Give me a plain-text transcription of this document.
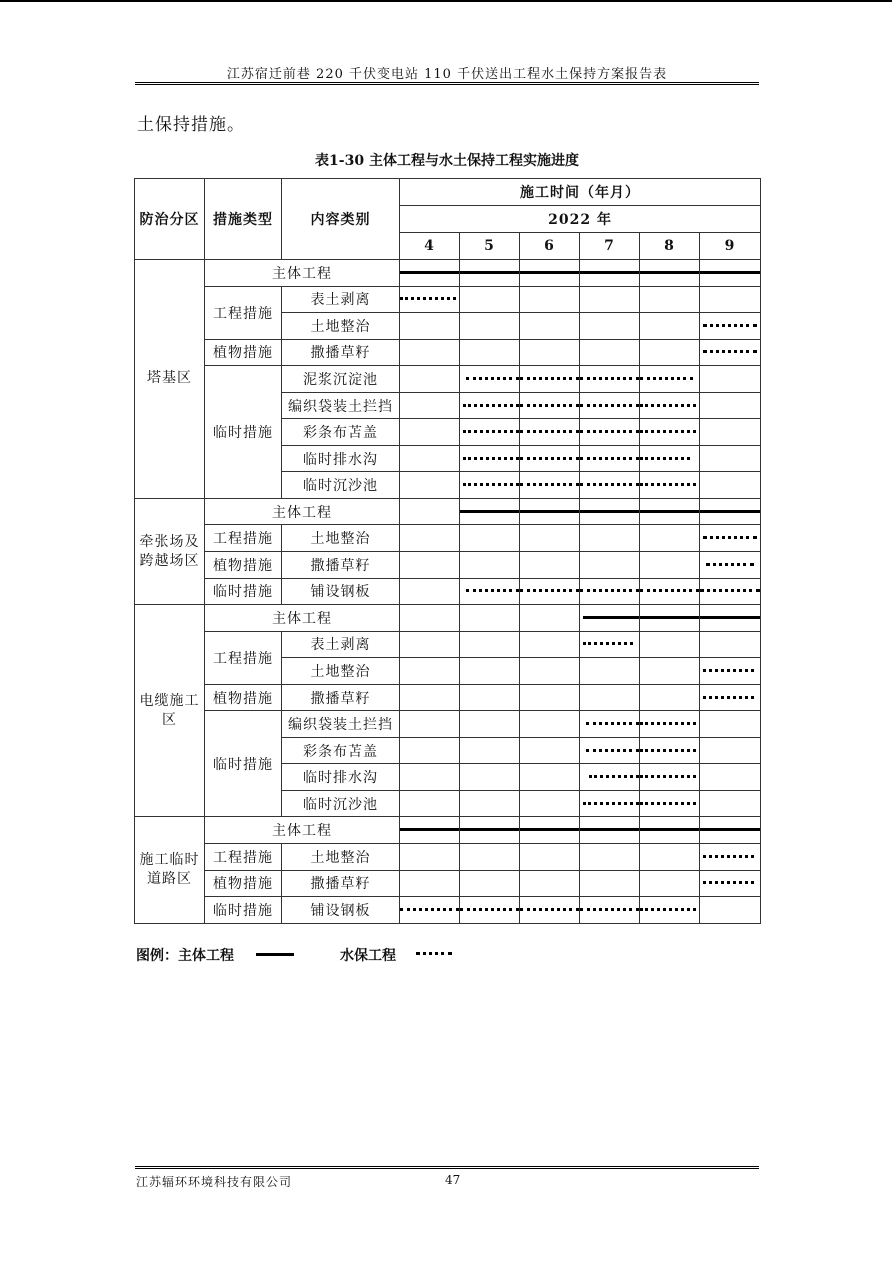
江苏宿迁前巷 220 千伏变电站 110 千伏送出工程水土保持方案报告表
土保持措施。
表1-30 主体工程与水土保持工程实施进度
防治分区	措施类型	内容类别	施工时间（年月）					
			2022 年					
			4	5	6	7	8	9
塔基区	主体工程		

	工程措施	表土剥离	

		土地整治						

	植物措施	撒播草籽						

	临时措施	泥浆沉淀池		

		编织袋装土拦挡		

		彩条布苫盖		

		临时排水沟		

		临时沉沙池		

牵张场及跨越场区	主体工程			

	工程措施	土地整治						

	植物措施	撒播草籽						

	临时措施	铺设钢板		

电缆施工区	主体工程					

	工程措施	表土剥离				

		土地整治						

	植物措施	撒播草籽						

	临时措施	编织袋装土拦挡				

		彩条布苫盖				

		临时排水沟				

		临时沉沙池				

施工临时道路区	主体工程		

	工程措施	土地整治						

	植物措施	撒播草籽						

	临时措施	铺设钢板	

图例：主体工程	水保工程
江苏辐环环境科技有限公司	47
